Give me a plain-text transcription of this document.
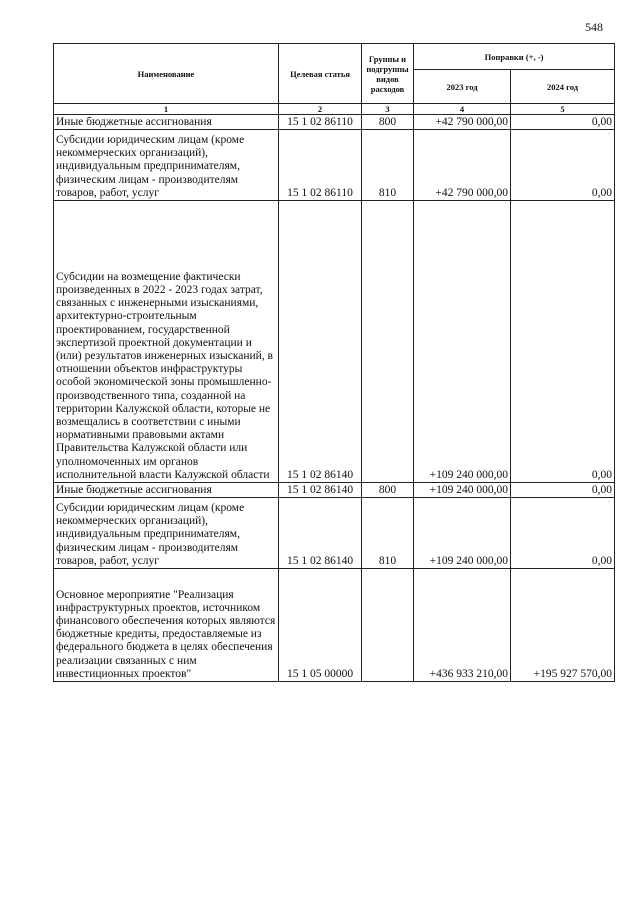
548
Наименование	Целевая статья	Группы и подгруппы видов расходов	Поправки (+, -)	
			2023 год	2024 год
1	2	3	4	5
Иные бюджетные ассигнования	15 1 02 86110	800	+42 790 000,00	0,00
Субсидии юридическим лицам (кроме некоммерческих организаций), индивидуальным предпринимателям, физическим лицам - производителям товаров, работ, услуг	15 1 02 86110	810	+42 790 000,00	0,00
Субсидии на возмещение фактически произведенных в 2022 - 2023 годах затрат, связанных с инженерными изысканиями, архитектурно-строительным проектированием, государственной экспертизой проектной документации и (или) результатов инженерных изысканий, в отношении объектов инфраструктуры особой экономической зоны промышленно-производственного типа, созданной на территории Калужской области, которые не возмещались в соответствии с иными нормативными правовыми актами Правительства Калужской области или уполномоченных им органов исполнительной власти Калужской области	15 1 02 86140		+109 240 000,00	0,00
Иные бюджетные ассигнования	15 1 02 86140	800	+109 240 000,00	0,00
Субсидии юридическим лицам (кроме некоммерческих организаций), индивидуальным предпринимателям, физическим лицам - производителям товаров, работ, услуг	15 1 02 86140	810	+109 240 000,00	0,00
Основное мероприятие "Реализация инфраструктурных проектов, источником финансового обеспечения которых являются бюджетные кредиты, предоставляемые из федерального бюджета в целях обеспечения реализации связанных с ним инвестиционных проектов"	15 1 05 00000		+436 933 210,00	+195 927 570,00
